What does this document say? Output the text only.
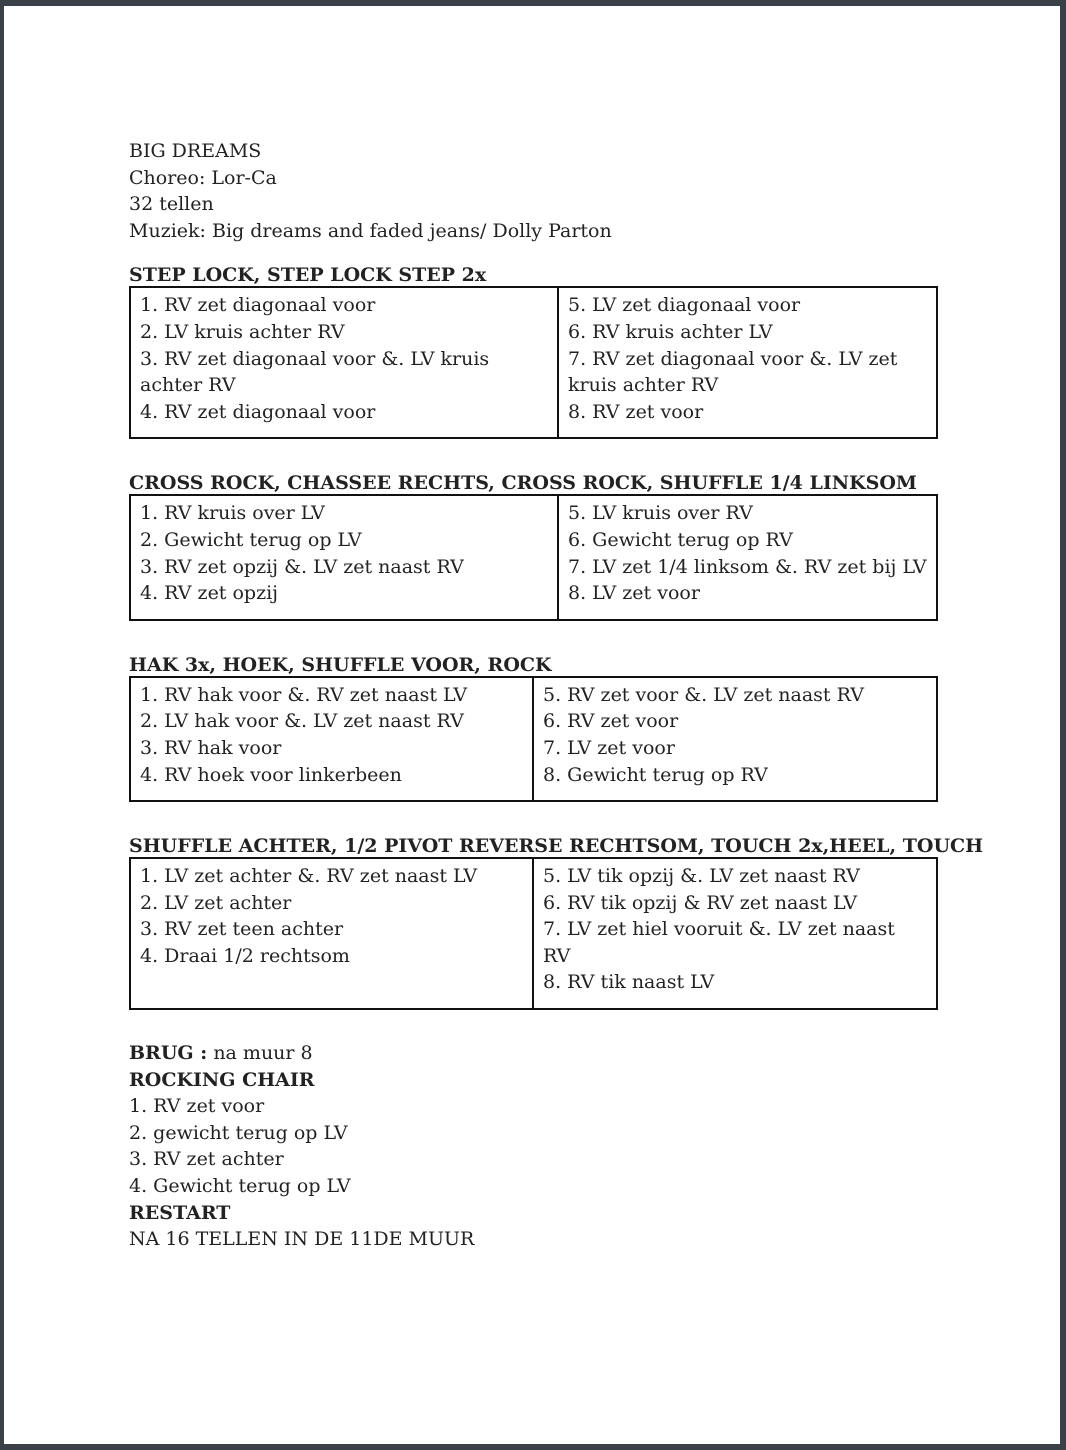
BIG DREAMS

Choreo: Lor-Ca

32 tellen

Muziek: Big dreams and faded jeans/ Dolly Parton

STEP LOCK, STEP LOCK STEP 2x

1. RV zet diagonaal voor
2. LV kruis achter RV
3. RV zet diagonaal voor &. LV kruis achter RV
4. RV zet diagonaal voor

5. LV zet diagonaal voor
6. RV kruis achter LV
7. RV zet diagonaal voor &. LV zet kruis achter RV
8. RV zet voor

CROSS ROCK, CHASSEE RECHTS, CROSS ROCK, SHUFFLE 1/4 LINKSOM

1. RV kruis over LV
2. Gewicht terug op LV
3. RV zet opzij &. LV zet naast RV
4. RV zet opzij

5. LV kruis over RV
6. Gewicht terug op RV
7. LV zet 1/4 linksom &. RV zet bij LV
8. LV zet voor

HAK 3x, HOEK, SHUFFLE VOOR, ROCK

1. RV hak voor &. RV zet naast LV
2. LV hak voor &. LV zet naast RV
3. RV hak voor
4. RV hoek voor linkerbeen

5. RV zet voor &. LV zet naast RV
6. RV zet voor
7. LV zet voor
8. Gewicht terug op RV

SHUFFLE ACHTER, 1/2 PIVOT REVERSE RECHTSOM, TOUCH 2x,HEEL, TOUCH

1. LV zet achter &. RV zet naast LV
2. LV zet achter
3. RV zet teen achter
4. Draai 1/2 rechtsom

5. LV tik opzij &. LV zet naast RV
6. RV tik opzij & RV zet naast LV
7. LV zet hiel vooruit &. LV zet naast RV
8. RV tik naast LV

BRUG : na muur 8

ROCKING CHAIR

1. RV zet voor

2. gewicht terug op LV

3. RV zet achter

4. Gewicht terug op LV

RESTART

NA 16 TELLEN IN DE 11DE MUUR
